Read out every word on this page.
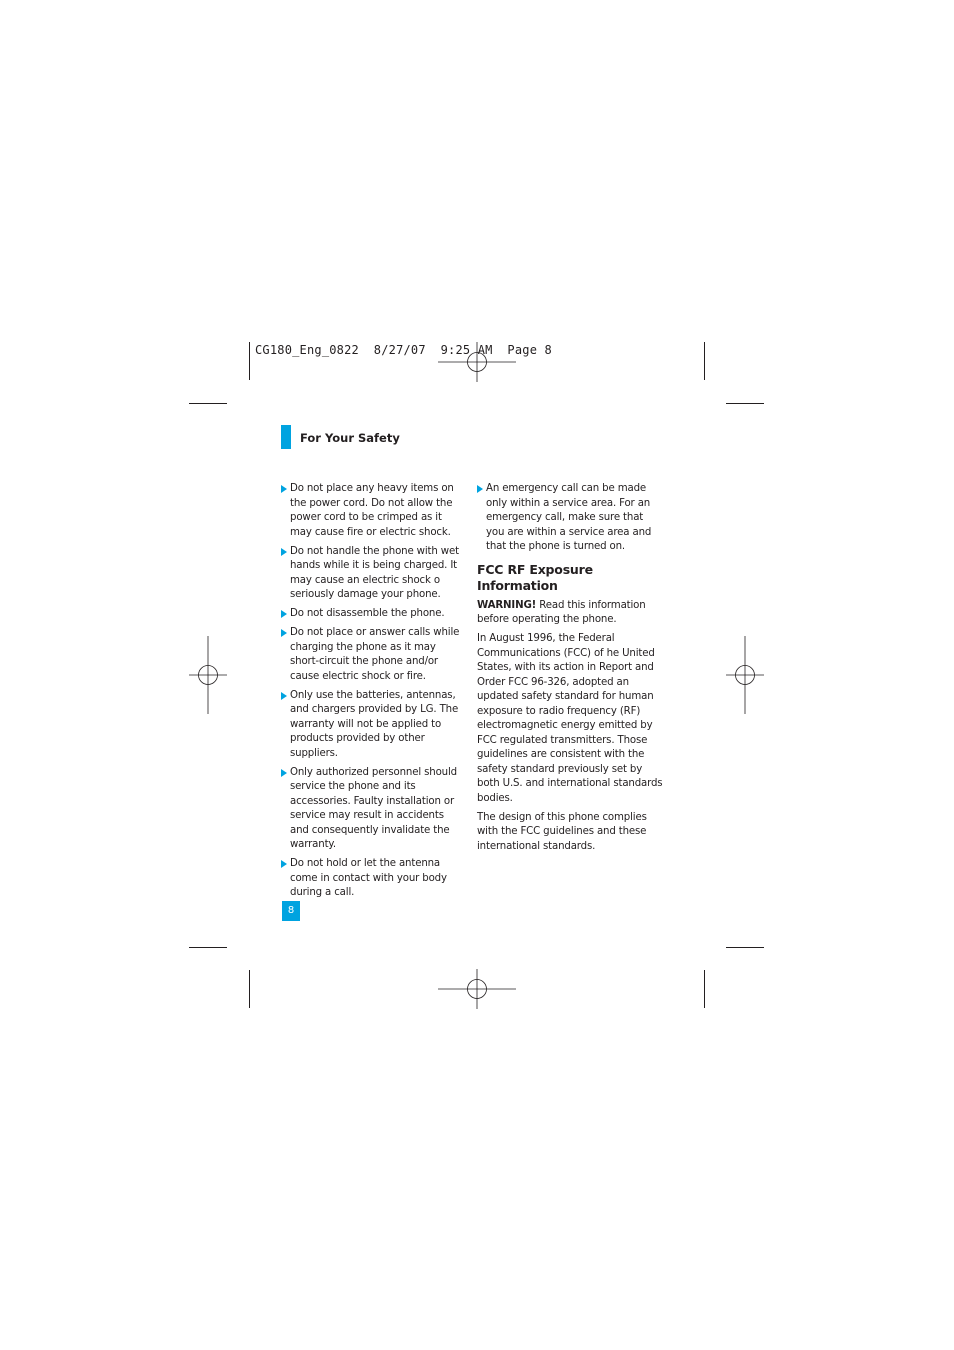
CG180_Eng_0822  8/27/07  9:25 AM  Page 8
For Your Safety
Do not place any heavy items on the power cord. Do not allow the power cord to be crimped as it may cause fire or electric shock.
Do not handle the phone with wet hands while it is being charged. It may cause an electric shock o seriously damage your phone.
Do not disassemble the phone.
Do not place or answer calls while charging the phone as it may short-circuit the phone and/or cause electric shock or fire.
Only use the batteries, antennas, and chargers provided by LG. The warranty will not be applied to products provided by other suppliers.
Only authorized personnel should service the phone and its accessories. Faulty installation or service may result in accidents and consequently invalidate the warranty.
Do not hold or let the antenna come in contact with your body during a call.
An emergency call can be made only within a service area. For an emergency call, make sure that you are within a service area and that the phone is turned on.
FCC RF Exposure Information
WARNING! Read this information before operating the phone.
In August 1996, the Federal Communications (FCC) of he United States, with its action in Report and Order FCC 96-326, adopted an updated safety standard for human exposure to radio frequency (RF) electromagnetic energy emitted by FCC regulated transmitters. Those guidelines are consistent with the safety standard previously set by both U.S. and international standards bodies.
The design of this phone complies with the FCC guidelines and these international standards.
8
